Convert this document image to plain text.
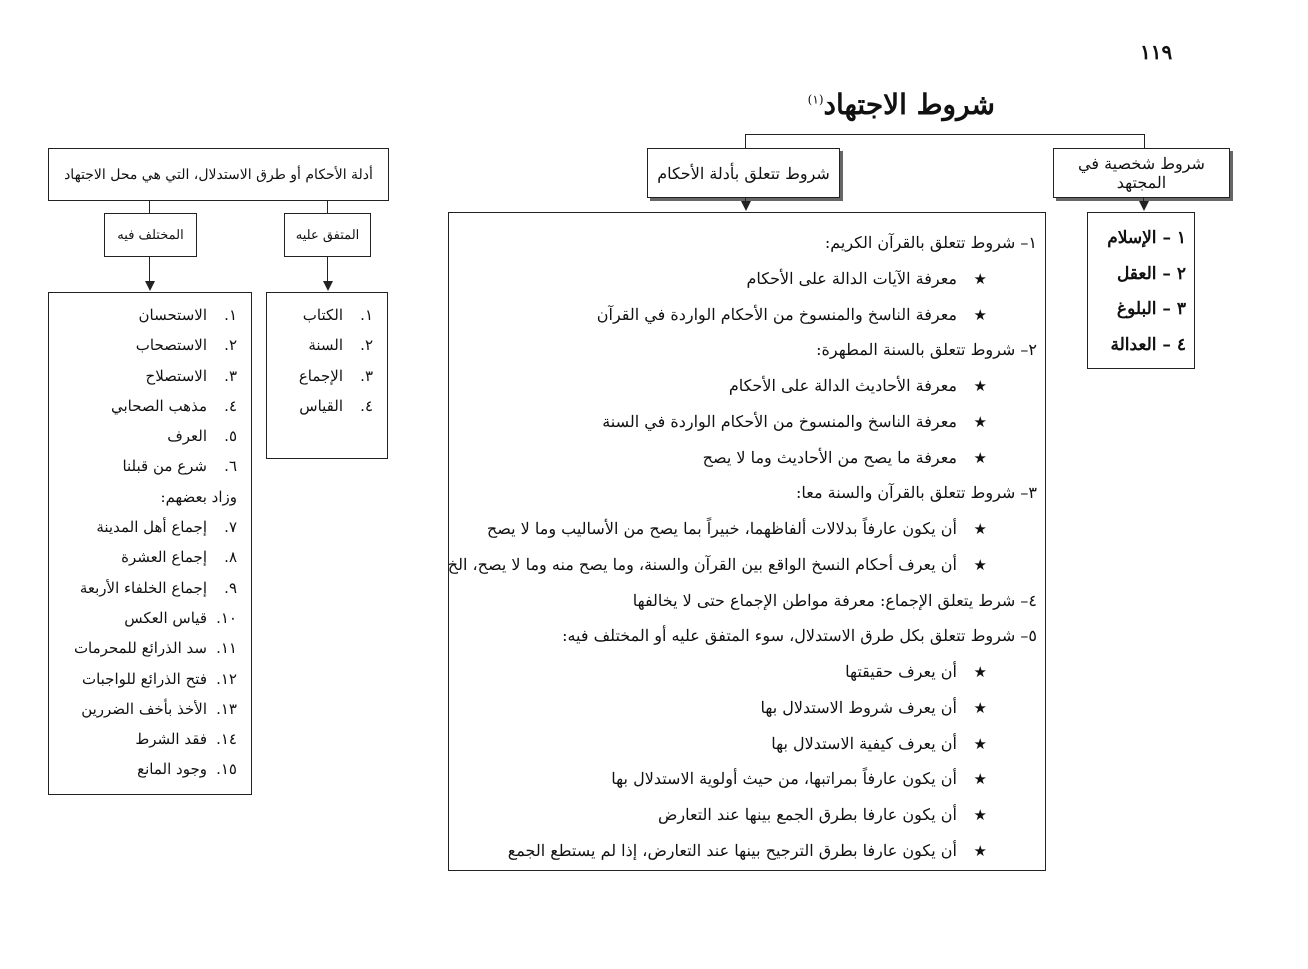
١١٩
شروط الاجتهاد$^{(١)}$
شروط شخصية في المجتهد
١ – الإسلام
٢ – العقل
٣ – البلوغ
٤ – العدالة
شروط تتعلق بأدلة الأحكام
١– شروط تتعلق بالقرآن الكريم:
★معرفة الآيات الدالة على الأحكام
★معرفة الناسخ والمنسوخ من الأحكام الواردة في القرآن
٢– شروط تتعلق بالسنة المطهرة:
★معرفة الأحاديث الدالة على الأحكام
★معرفة الناسخ والمنسوخ من الأحكام الواردة في السنة
★معرفة ما يصح من الأحاديث وما لا يصح
٣– شروط تتعلق بالقرآن والسنة معا:
★أن يكون عارفاً بدلالات ألفاظهما، خبيراً بما يصح من الأساليب وما لا يصح
★أن يعرف أحكام النسخ الواقع بين القرآن والسنة، وما يصح منه وما لا يصح، الخ
٤– شرط يتعلق الإجماع: معرفة مواطن الإجماع حتى لا يخالفها
٥– شروط تتعلق بكل طرق الاستدلال، سوء المتفق عليه أو المختلف فيه:
★أن يعرف حقيقتها
★أن يعرف شروط الاستدلال بها
★أن يعرف كيفية الاستدلال بها
★أن يكون عارفاً بمراتبها، من حيث أولوية الاستدلال بها
★أن يكون عارفا بطرق الجمع بينها عند التعارض
★أن يكون عارفا بطرق الترجيح بينها عند التعارض، إذا لم يستطع الجمع
أدلة الأحكام أو طرق الاستدلال، التي هي محل الاجتهاد
المتفق عليه
١.الكتاب
٢.السنة
٣.الإجماع
٤.القياس
المختلف فيه
١.الاستحسان
٢.الاستصحاب
٣.الاستصلاح
٤.مذهب الصحابي
٥.العرف
٦.شرع من قبلنا
وزاد بعضهم:
٧.إجماع أهل المدينة
٨.إجماع العشرة
٩.إجماع الخلفاء الأربعة
١٠.قياس العكس
١١.سد الذرائع للمحرمات
١٢.فتح الذرائع للواجبات
١٣.الأخذ بأخف الضررين
١٤.فقد الشرط
١٥.وجود المانع
